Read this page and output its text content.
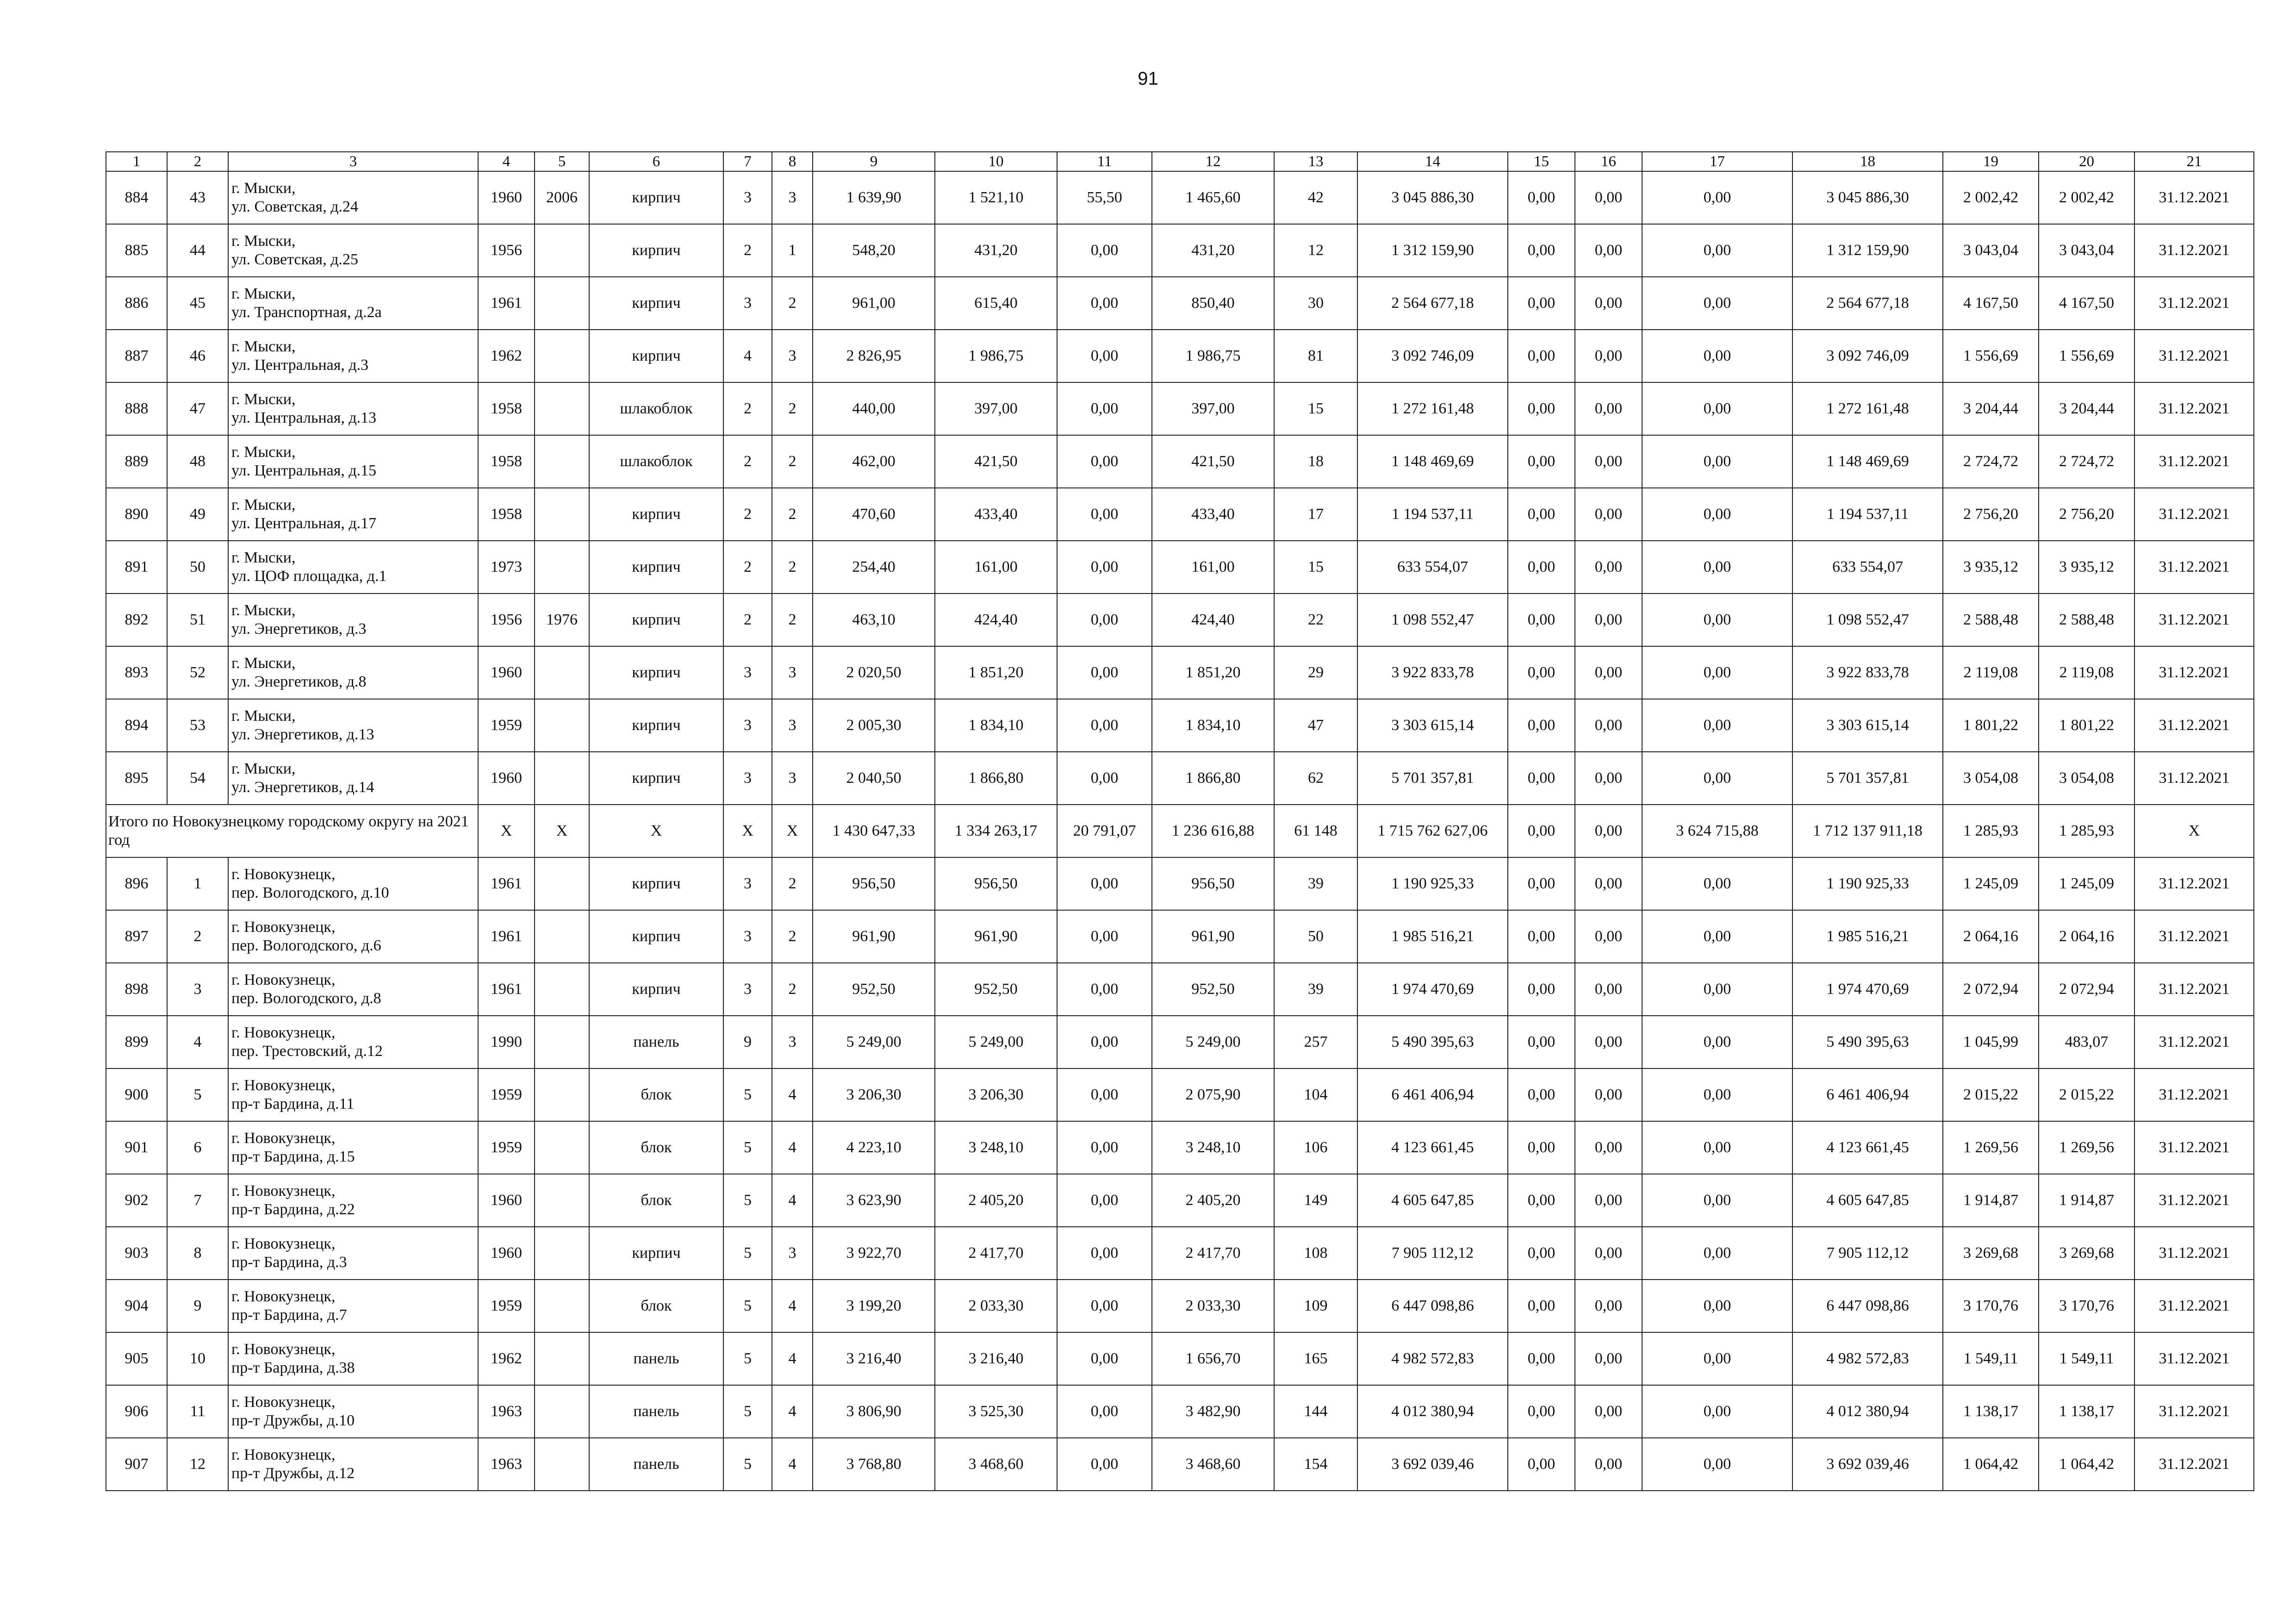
91
1	2	3	4	5	6	7	8	9	10	11	12	13	14	15	16	17	18	19	20	21
884	43	г. Мыски,
ул. Советская, д.24	1960	2006	кирпич	3	3	1 639,90	1 521,10	55,50	1 465,60	42	3 045 886,30	0,00	0,00	0,00	3 045 886,30	2 002,42	2 002,42	31.12.2021
885	44	г. Мыски,
ул. Советская, д.25	1956		кирпич	2	1	548,20	431,20	0,00	431,20	12	1 312 159,90	0,00	0,00	0,00	1 312 159,90	3 043,04	3 043,04	31.12.2021
886	45	г. Мыски,
ул. Транспортная, д.2а	1961		кирпич	3	2	961,00	615,40	0,00	850,40	30	2 564 677,18	0,00	0,00	0,00	2 564 677,18	4 167,50	4 167,50	31.12.2021
887	46	г. Мыски,
ул. Центральная, д.3	1962		кирпич	4	3	2 826,95	1 986,75	0,00	1 986,75	81	3 092 746,09	0,00	0,00	0,00	3 092 746,09	1 556,69	1 556,69	31.12.2021
888	47	г. Мыски,
ул. Центральная, д.13	1958		шлакоблок	2	2	440,00	397,00	0,00	397,00	15	1 272 161,48	0,00	0,00	0,00	1 272 161,48	3 204,44	3 204,44	31.12.2021
889	48	г. Мыски,
ул. Центральная, д.15	1958		шлакоблок	2	2	462,00	421,50	0,00	421,50	18	1 148 469,69	0,00	0,00	0,00	1 148 469,69	2 724,72	2 724,72	31.12.2021
890	49	г. Мыски,
ул. Центральная, д.17	1958		кирпич	2	2	470,60	433,40	0,00	433,40	17	1 194 537,11	0,00	0,00	0,00	1 194 537,11	2 756,20	2 756,20	31.12.2021
891	50	г. Мыски,
ул. ЦОФ площадка, д.1	1973		кирпич	2	2	254,40	161,00	0,00	161,00	15	633 554,07	0,00	0,00	0,00	633 554,07	3 935,12	3 935,12	31.12.2021
892	51	г. Мыски,
ул. Энергетиков, д.3	1956	1976	кирпич	2	2	463,10	424,40	0,00	424,40	22	1 098 552,47	0,00	0,00	0,00	1 098 552,47	2 588,48	2 588,48	31.12.2021
893	52	г. Мыски,
ул. Энергетиков, д.8	1960		кирпич	3	3	2 020,50	1 851,20	0,00	1 851,20	29	3 922 833,78	0,00	0,00	0,00	3 922 833,78	2 119,08	2 119,08	31.12.2021
894	53	г. Мыски,
ул. Энергетиков, д.13	1959		кирпич	3	3	2 005,30	1 834,10	0,00	1 834,10	47	3 303 615,14	0,00	0,00	0,00	3 303 615,14	1 801,22	1 801,22	31.12.2021
895	54	г. Мыски,
ул. Энергетиков, д.14	1960		кирпич	3	3	2 040,50	1 866,80	0,00	1 866,80	62	5 701 357,81	0,00	0,00	0,00	5 701 357,81	3 054,08	3 054,08	31.12.2021
Итого по Новокузнецкому городскому округу на 2021 год			X	X	X	X	X	1 430 647,33	1 334 263,17	20 791,07	1 236 616,88	61 148	1 715 762 627,06	0,00	0,00	3 624 715,88	1 712 137 911,18	1 285,93	1 285,93	X
896	1	г. Новокузнецк,
пер. Вологодского, д.10	1961		кирпич	3	2	956,50	956,50	0,00	956,50	39	1 190 925,33	0,00	0,00	0,00	1 190 925,33	1 245,09	1 245,09	31.12.2021
897	2	г. Новокузнецк,
пер. Вологодского, д.6	1961		кирпич	3	2	961,90	961,90	0,00	961,90	50	1 985 516,21	0,00	0,00	0,00	1 985 516,21	2 064,16	2 064,16	31.12.2021
898	3	г. Новокузнецк,
пер. Вологодского, д.8	1961		кирпич	3	2	952,50	952,50	0,00	952,50	39	1 974 470,69	0,00	0,00	0,00	1 974 470,69	2 072,94	2 072,94	31.12.2021
899	4	г. Новокузнецк,
пер. Трестовский, д.12	1990		панель	9	3	5 249,00	5 249,00	0,00	5 249,00	257	5 490 395,63	0,00	0,00	0,00	5 490 395,63	1 045,99	483,07	31.12.2021
900	5	г. Новокузнецк,
пр-т Бардина, д.11	1959		блок	5	4	3 206,30	3 206,30	0,00	2 075,90	104	6 461 406,94	0,00	0,00	0,00	6 461 406,94	2 015,22	2 015,22	31.12.2021
901	6	г. Новокузнецк,
пр-т Бардина, д.15	1959		блок	5	4	4 223,10	3 248,10	0,00	3 248,10	106	4 123 661,45	0,00	0,00	0,00	4 123 661,45	1 269,56	1 269,56	31.12.2021
902	7	г. Новокузнецк,
пр-т Бардина, д.22	1960		блок	5	4	3 623,90	2 405,20	0,00	2 405,20	149	4 605 647,85	0,00	0,00	0,00	4 605 647,85	1 914,87	1 914,87	31.12.2021
903	8	г. Новокузнецк,
пр-т Бардина, д.3	1960		кирпич	5	3	3 922,70	2 417,70	0,00	2 417,70	108	7 905 112,12	0,00	0,00	0,00	7 905 112,12	3 269,68	3 269,68	31.12.2021
904	9	г. Новокузнецк,
пр-т Бардина, д.7	1959		блок	5	4	3 199,20	2 033,30	0,00	2 033,30	109	6 447 098,86	0,00	0,00	0,00	6 447 098,86	3 170,76	3 170,76	31.12.2021
905	10	г. Новокузнецк,
пр-т Бардина, д.38	1962		панель	5	4	3 216,40	3 216,40	0,00	1 656,70	165	4 982 572,83	0,00	0,00	0,00	4 982 572,83	1 549,11	1 549,11	31.12.2021
906	11	г. Новокузнецк,
пр-т Дружбы, д.10	1963		панель	5	4	3 806,90	3 525,30	0,00	3 482,90	144	4 012 380,94	0,00	0,00	0,00	4 012 380,94	1 138,17	1 138,17	31.12.2021
907	12	г. Новокузнецк,
пр-т Дружбы, д.12	1963		панель	5	4	3 768,80	3 468,60	0,00	3 468,60	154	3 692 039,46	0,00	0,00	0,00	3 692 039,46	1 064,42	1 064,42	31.12.2021
